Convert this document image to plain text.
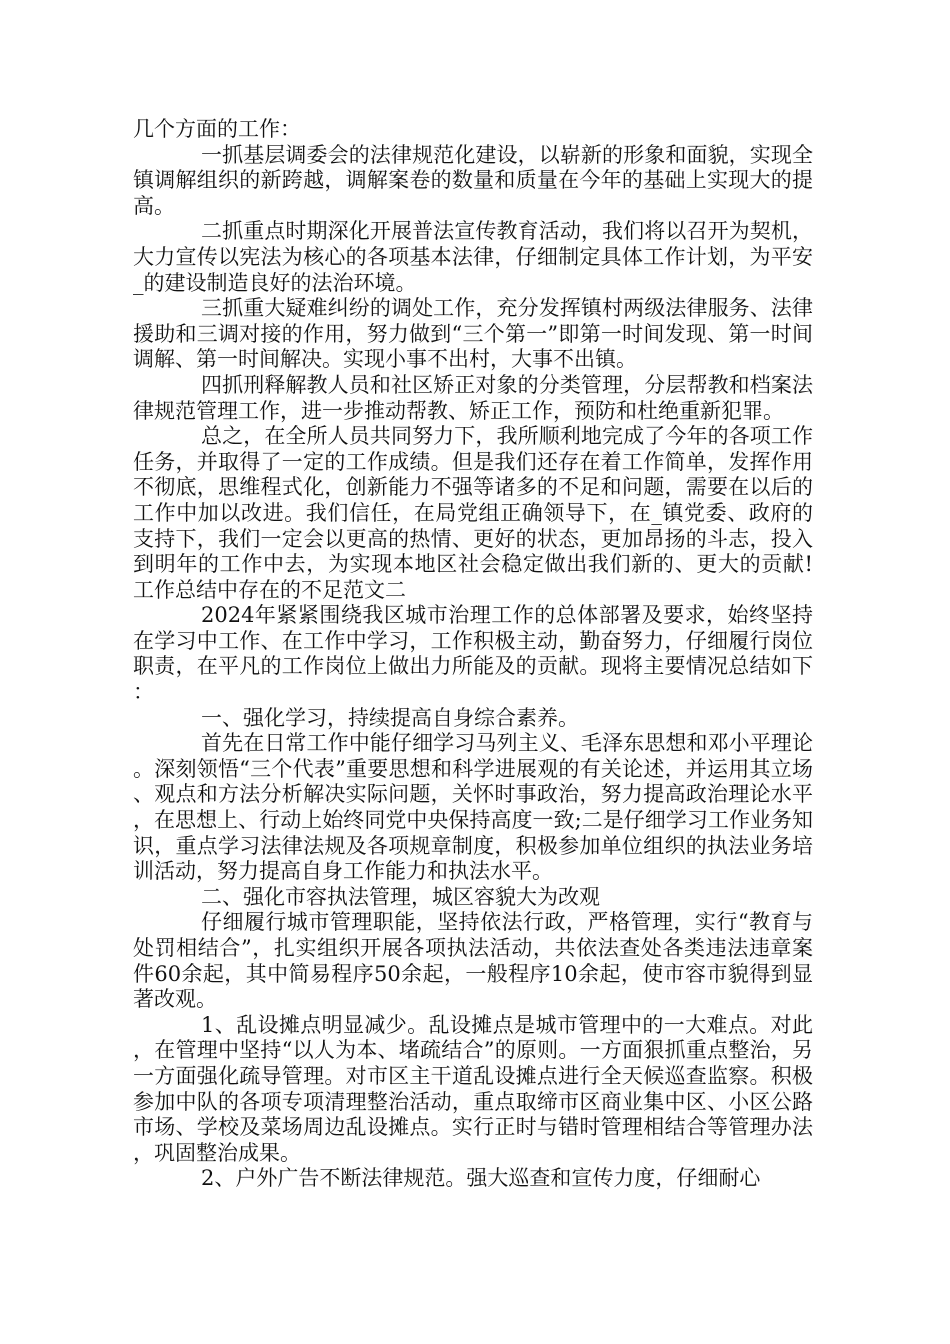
几个方面的工作：

一抓基层调委会的法律规范化建设，以崭新的形象和面貌，实现全镇调解组织的新跨越，调解案卷的数量和质量在今年的基础上实现大的提高。

二抓重点时期深化开展普法宣传教育活动，我们将以召开为契机，大力宣传以宪法为核心的各项基本法律，仔细制定具体工作计划，为平安_的建设制造良好的法治环境。

三抓重大疑难纠纷的调处工作，充分发挥镇村两级法律服务、法律援助和三调对接的作用，努力做到“三个第一”即第一时间发现、第一时间调解、第一时间解决。实现小事不出村，大事不出镇。

四抓刑释解教人员和社区矫正对象的分类管理，分层帮教和档案法律规范管理工作，进一步推动帮教、矫正工作，预防和杜绝重新犯罪。

总之，在全所人员共同努力下，我所顺利地完成了今年的各项工作任务，并取得了一定的工作成绩。但是我们还存在着工作简单，发挥作用不彻底，思维程式化，创新能力不强等诸多的不足和问题，需要在以后的工作中加以改进。我们信任，在局党组正确领导下，在_镇党委、政府的支持下，我们一定会以更高的热情、更好的状态，更加昂扬的斗志，投入到明年的工作中去，为实现本地区社会稳定做出我们新的、更大的贡献!工作总结中存在的不足范文二

2024年紧紧围绕我区城市治理工作的总体部署及要求，始终坚持在学习中工作、在工作中学习，工作积极主动，勤奋努力，仔细履行岗位职责，在平凡的工作岗位上做出力所能及的贡献。现将主要情况总结如下：

一、强化学习，持续提高自身综合素养。

首先在日常工作中能仔细学习马列主义、毛泽东思想和邓小平理论。深刻领悟“三个代表”重要思想和科学进展观的有关论述，并运用其立场、观点和方法分析解决实际问题，关怀时事政治，努力提高政治理论水平，在思想上、行动上始终同党中央保持高度一致;二是仔细学习工作业务知识，重点学习法律法规及各项规章制度，积极参加单位组织的执法业务培训活动，努力提高自身工作能力和执法水平。

二、强化市容执法管理，城区容貌大为改观

仔细履行城市管理职能，坚持依法行政，严格管理，实行“教育与处罚相结合”，扎实组织开展各项执法活动，共依法查处各类违法违章案件60余起，其中简易程序50余起，一般程序10余起，使市容市貌得到显著改观。

1、乱设摊点明显减少。乱设摊点是城市管理中的一大难点。对此，在管理中坚持“以人为本、堵疏结合”的原则。一方面狠抓重点整治，另一方面强化疏导管理。对市区主干道乱设摊点进行全天候巡查监察。积极参加中队的各项专项清理整治活动，重点取缔市区商业集中区、小区公路市场、学校及菜场周边乱设摊点。实行正时与错时管理相结合等管理办法，巩固整治成果。

2、户外广告不断法律规范。强大巡查和宣传力度，仔细耐心
